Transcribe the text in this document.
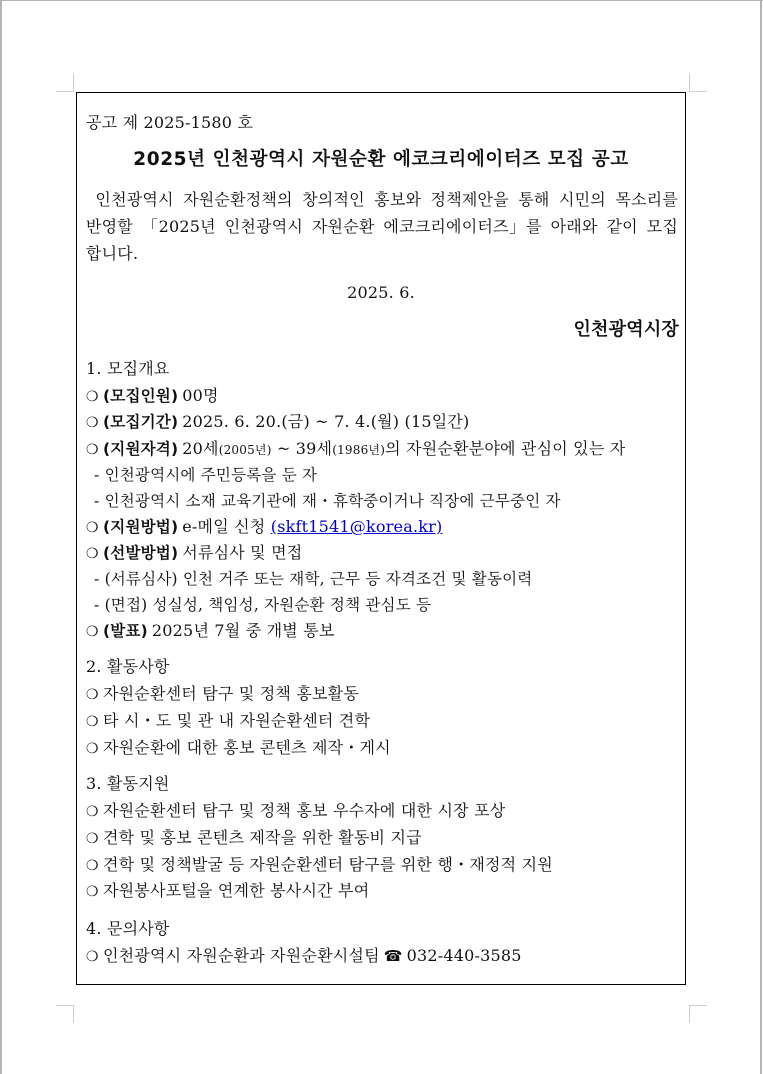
공고 제 2025-1580 호
2025년 인천광역시 자원순환 에코크리에이터즈 모집 공고
인천광역시 자원순환정책의 창의적인 홍보와 정책제안을 통해 시민의 목소리를 반영할 「2025년 인천광역시 자원순환 에코크리에이터즈」를 아래와 같이 모집합니다.
2025. 6.
인천광역시장
1. 모집개요
❍ (모집인원) 00명
❍ (모집기간) 2025. 6. 20.(금) ~ 7. 4.(월) (15일간)
❍ (지원자격) 20세(2005년) ~ 39세(1986년)의 자원순환분야에 관심이 있는 자
- 인천광역시에 주민등록을 둔 자
- 인천광역시 소재 교육기관에 재・휴학중이거나 직장에 근무중인 자
❍ (지원방법) e-메일 신청 (skft1541@korea.kr)
❍ (선발방법) 서류심사 및 면접
- (서류심사) 인천 거주 또는 재학, 근무 등 자격조건 및 활동이력
- (면접) 성실성, 책임성, 자원순환 정책 관심도 등
❍ (발표) 2025년 7월 중 개별 통보
2. 활동사항
❍ 자원순환센터 탐구 및 정책 홍보활동
❍ 타 시・도 및 관 내 자원순환센터 견학
❍ 자원순환에 대한 홍보 콘텐츠 제작・게시
3. 활동지원
❍ 자원순환센터 탐구 및 정책 홍보 우수자에 대한 시장 포상
❍ 견학 및 홍보 콘텐츠 제작을 위한 활동비 지급
❍ 견학 및 정책발굴 등 자원순환센터 탐구를 위한 행・재정적 지원
❍ 자원봉사포털을 연계한 봉사시간 부여
4. 문의사항
❍ 인천광역시 자원순환과 자원순환시설팀 ☎ 032-440-3585
